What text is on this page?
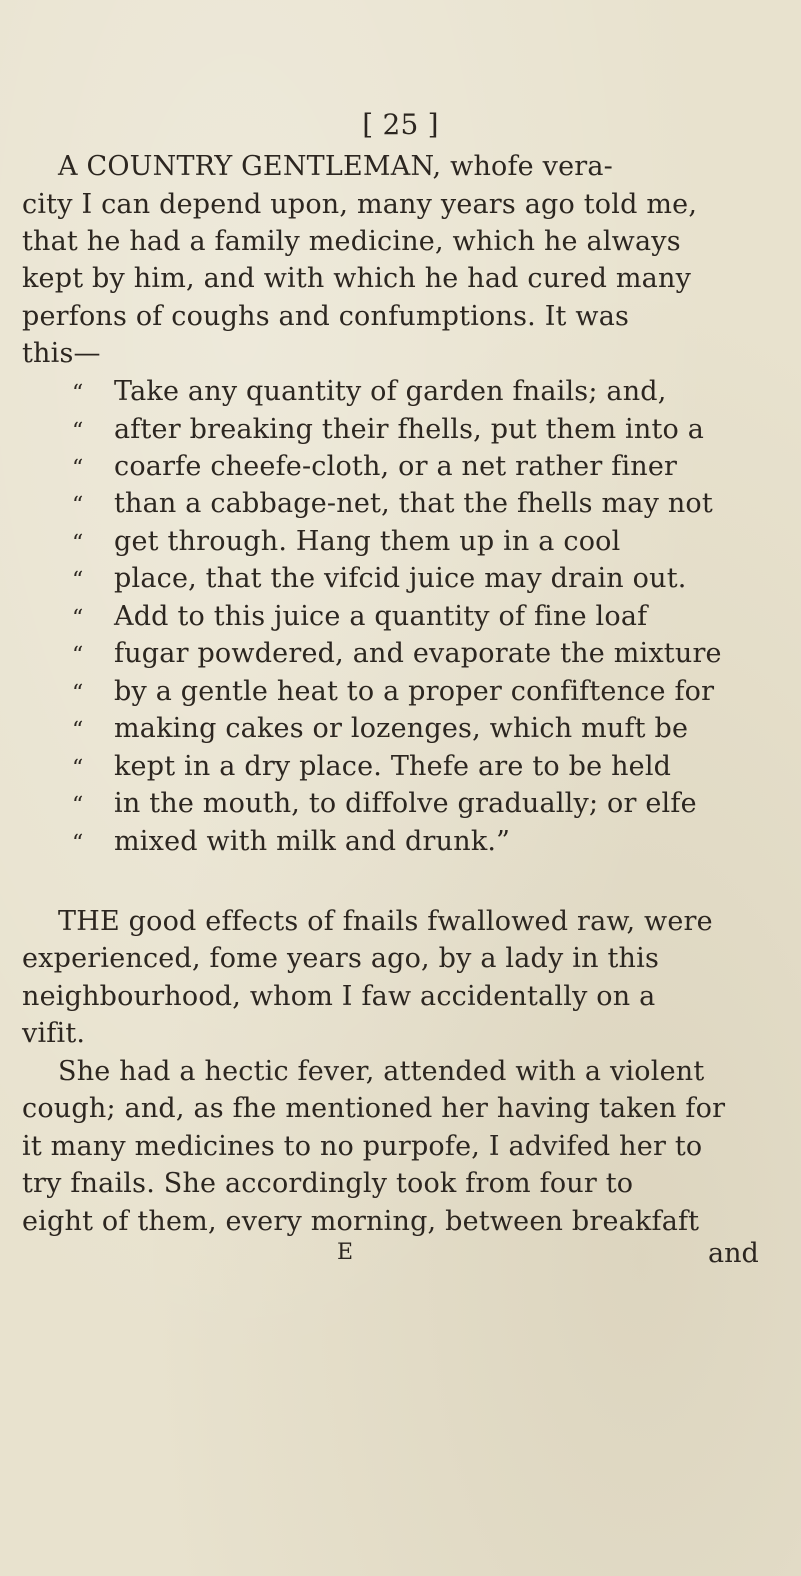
[ 25 ]
A COUNTRY GENTLEMAN, whofe vera-
city I can depend upon, many years ago told me,
that he had a family medicine, which he always
kept by him, and with which he had cured many
perfons of coughs and confumptions. It was
this—
“ Take any quantity of garden fnails; and,
“ after breaking their fhells, put them into a
“ coarfe cheefe-cloth, or a net rather finer
“ than a cabbage-net, that the fhells may not
“ get through. Hang them up in a cool
“ place, that the vifcid juice may drain out.
“ Add to this juice a quantity of fine loaf
“ fugar powdered, and evaporate the mixture
“ by a gentle heat to a proper confiftence for
“ making cakes or lozenges, which muft be
“ kept in a dry place. Thefe are to be held
“ in the mouth, to diffolve gradually; or elfe
“ mixed with milk and drunk.”
THE good effects of fnails fwallowed raw, were
experienced, fome years ago, by a lady in this
neighbourhood, whom I faw accidentally on a
vifit.
She had a hectic fever, attended with a violent
cough; and, as fhe mentioned her having taken for
it many medicines to no purpofe, I advifed her to
try fnails. She accordingly took from four to
eight of them, every morning, between breakfaft
E	and
